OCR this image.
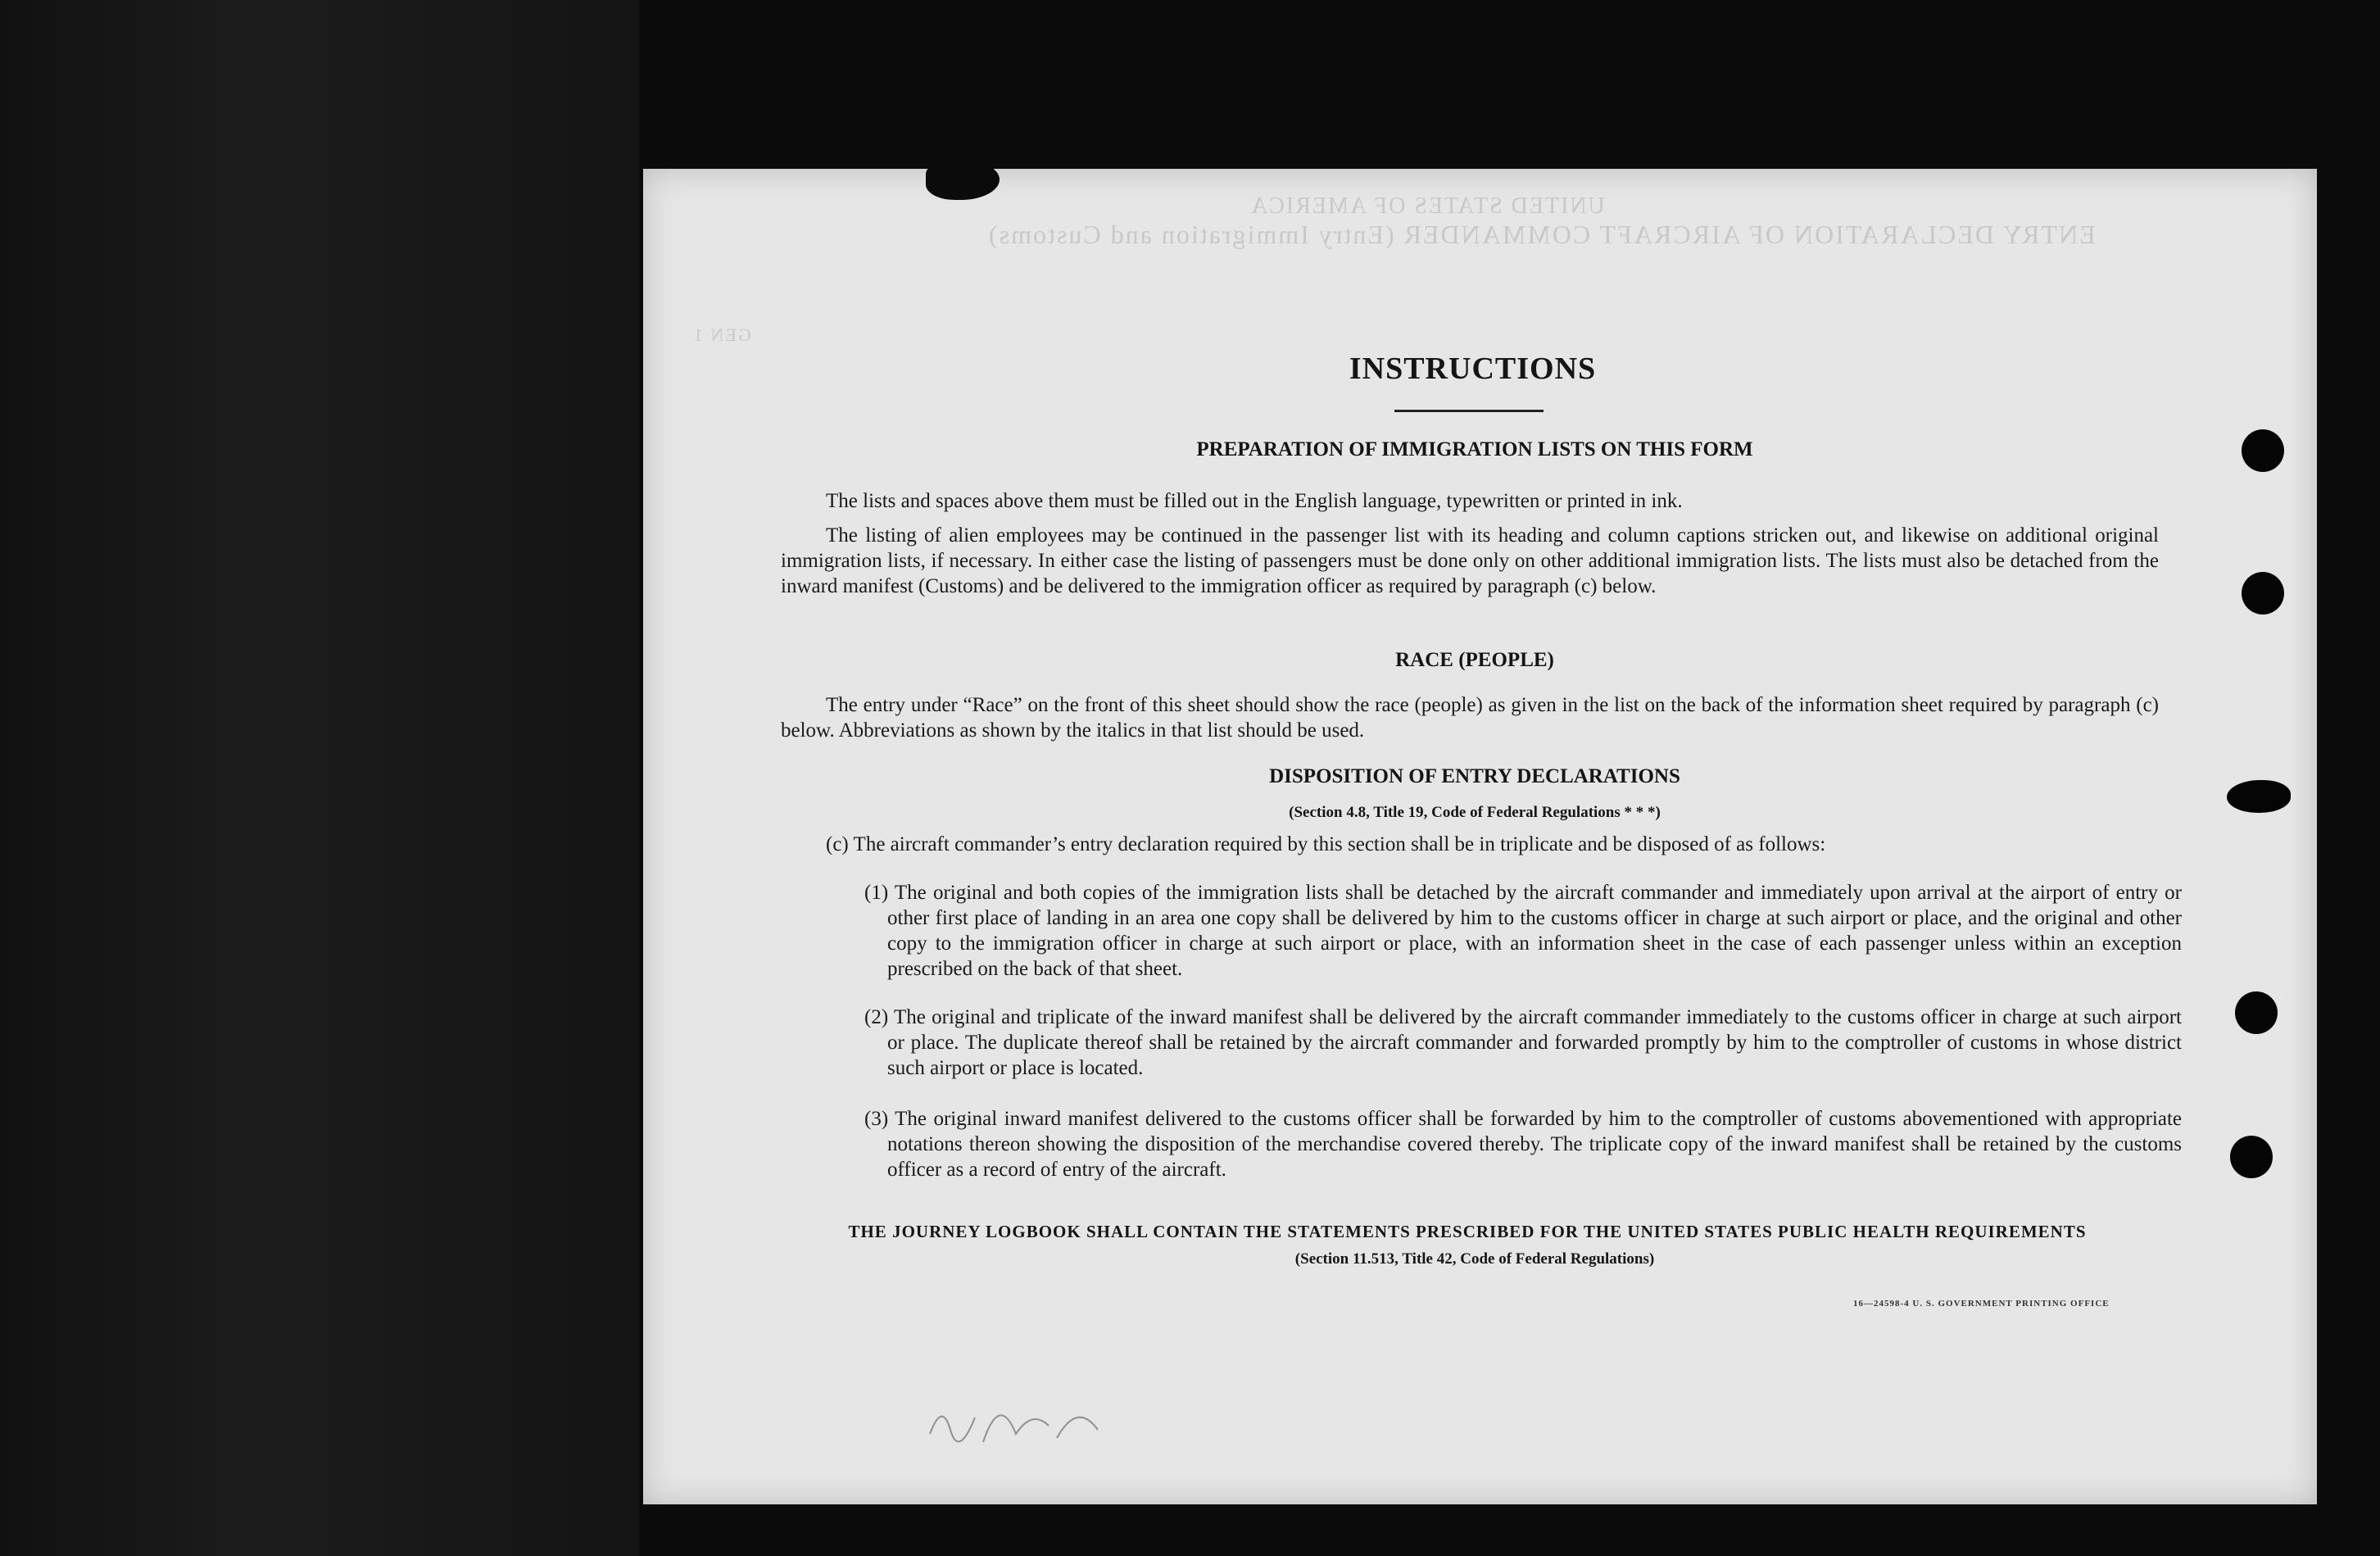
UNITED STATES OF AMERICA
ENTRY DECLARATION OF AIRCRAFT COMMANDER (Entry Immigration and Customs)
GEN 1
INSTRUCTIONS
PREPARATION OF IMMIGRATION LISTS ON THIS FORM
The lists and spaces above them must be filled out in the English language, typewritten or printed in ink.
The listing of alien employees may be continued in the passenger list with its heading and column captions stricken out, and likewise on additional original immigration lists, if necessary. In either case the listing of passengers must be done only on other additional immigration lists. The lists must also be detached from the inward manifest (Customs) and be delivered to the immigration officer as required by paragraph (c) below.
RACE (PEOPLE)
The entry under “Race” on the front of this sheet should show the race (people) as given in the list on the back of the information sheet required by paragraph (c) below. Abbreviations as shown by the italics in that list should be used.
DISPOSITION OF ENTRY DECLARATIONS
(Section 4.8, Title 19, Code of Federal Regulations * * *)
(c) The aircraft commander’s entry declaration required by this section shall be in triplicate and be disposed of as follows:
(1) The original and both copies of the immigration lists shall be detached by the aircraft commander and immediately upon arrival at the airport of entry or other first place of landing in an area one copy shall be delivered by him to the customs officer in charge at such airport or place, and the original and other copy to the immigration officer in charge at such airport or place, with an information sheet in the case of each passenger unless within an exception prescribed on the back of that sheet.
(2) The original and triplicate of the inward manifest shall be delivered by the aircraft commander immediately to the customs officer in charge at such airport or place. The duplicate thereof shall be retained by the aircraft commander and forwarded promptly by him to the comptroller of customs in whose district such airport or place is located.
(3) The original inward manifest delivered to the customs officer shall be forwarded by him to the comptroller of customs abovementioned with appropriate notations thereon showing the disposition of the merchandise covered thereby. The triplicate copy of the inward manifest shall be retained by the customs officer as a record of entry of the aircraft.
THE JOURNEY LOGBOOK SHALL CONTAIN THE STATEMENTS PRESCRIBED FOR THE UNITED STATES PUBLIC HEALTH REQUIREMENTS
(Section 11.513, Title 42, Code of Federal Regulations)
16—24598-4 U. S. GOVERNMENT PRINTING OFFICE
